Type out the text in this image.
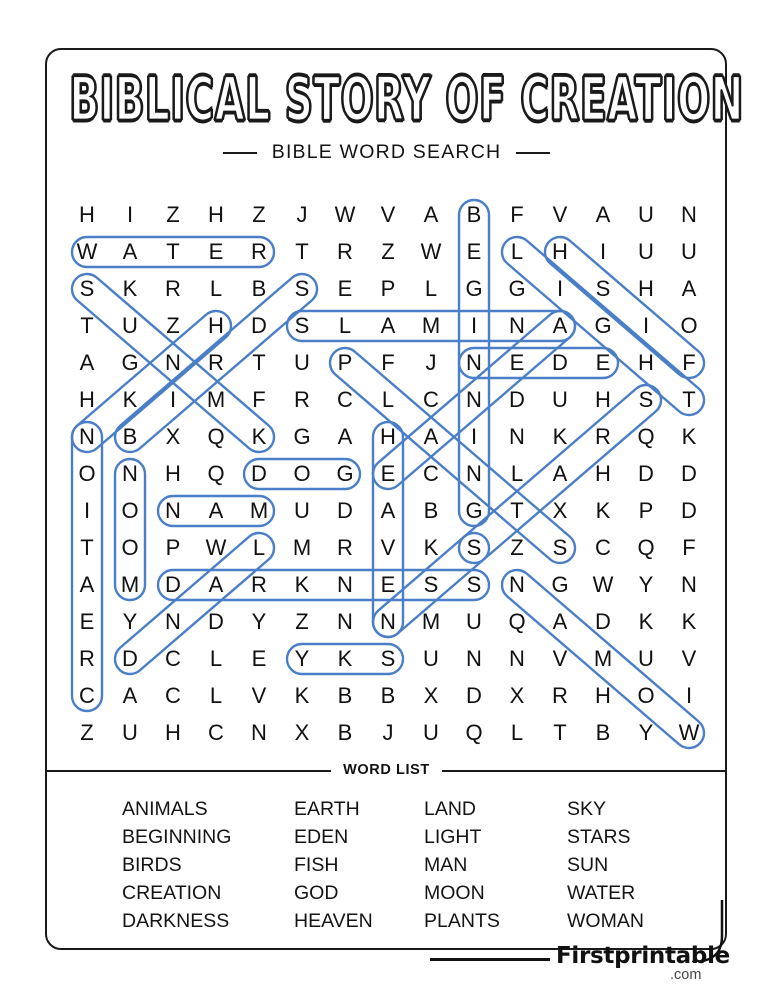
BIBLICAL STORY OF CREATION
BIBLE WORD SEARCH
H	I	Z	H	Z	J	W	V	A	B	F	V	A	U	N
W	A	T	E	R	T	R	Z	W	E	L	H	I	U	U
S	K	R	L	B	S	E	P	L	G G	I	S	H	A
T	U	Z	H	D	S	L	A	M	I	N	A	G	I	O
A	G	N	R	T	U	P	F	J	N	E	D	E	H	F
H	K	I	M	F	R	C	L	C	N	D	U	H	S	T
N	B	X	Q	K	G	A	H	A	I	N	K	R	Q	K
O	N	H	Q	D	O G	E	C	N	L	A	H	D	D
I	O	N	A	M	U	D	A	B	G	T	X	K	P	D
T	O	P	W	L	M	R	V	K	S	Z	S	C	Q	F
A	M	D	A	R	K	N	E	S	S	N	G W	Y	N
E	Y	N	D	Y	Z	N	N	M	U	Q	A	D	K	K
R	D	C	L	E	Y	K	S	U	N	N	V	M	U	V
C	A	C	L	V	K	B	B	X	D	X	R	H	O	I
Z	U	H	C	N	X	B	J	U	Q	L	T	B	Y	W
WORD LIST
ANIMALS	EARTH	LAND	SKY
BEGINNING	EDEN	LIGHT	STARS
BIRDS	FISH	MAN	SUN
CREATION	GOD	MOON	WATER
DARKNESS	HEAVEN	PLANTS	WOMAN
Firstprintable
.com
